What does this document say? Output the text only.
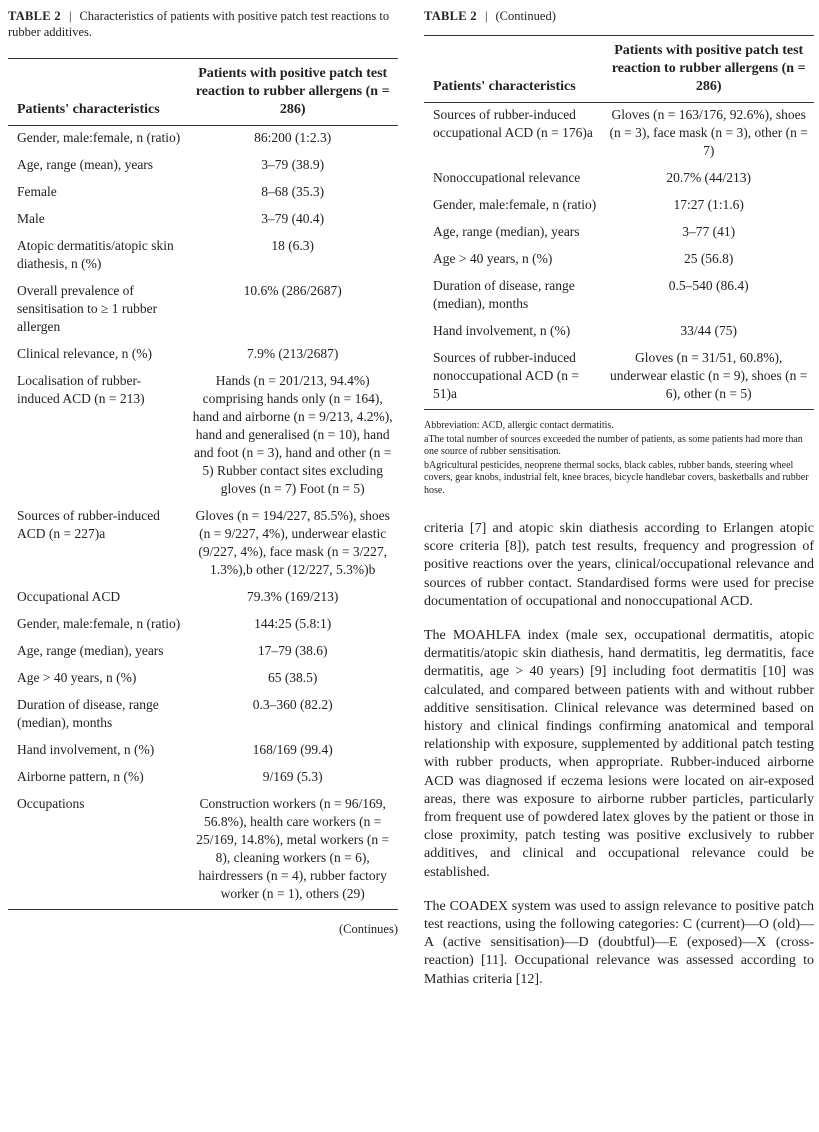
TABLE 2 | Characteristics of patients with positive patch test reactions to rubber additives.
Patients' characteristics	Patients with positive patch test reaction to rubber allergens (n = 286)
Gender, male:female, n (ratio)	86:200 (1:2.3)
Age, range (mean), years	3–79 (38.9)
Female	8–68 (35.3)
Male	3–79 (40.4)
Atopic dermatitis/atopic skin diathesis, n (%)	18 (6.3)
Overall prevalence of sensitisation to ≥ 1 rubber allergen	10.6% (286/2687)
Clinical relevance, n (%)	7.9% (213/2687)
Localisation of rubber-induced ACD (n = 213)	Hands (n = 201/213, 94.4%) comprising hands only (n = 164), hand and airborne (n = 9/213, 4.2%), hand and generalised (n = 10), hand and foot (n = 3), hand and other (n = 5) Rubber contact sites excluding gloves (n = 7) Foot (n = 5)
Sources of rubber-induced ACD (n = 227)a	Gloves (n = 194/227, 85.5%), shoes (n = 9/227, 4%), underwear elastic (9/227, 4%), face mask (n = 3/227, 1.3%),b other (12/227, 5.3%)b
Occupational ACD	79.3% (169/213)
Gender, male:female, n (ratio)	144:25 (5.8:1)
Age, range (median), years	17–79 (38.6)
Age > 40 years, n (%)	65 (38.5)
Duration of disease, range (median), months	0.3–360 (82.2)
Hand involvement, n (%)	168/169 (99.4)
Airborne pattern, n (%)	9/169 (5.3)
Occupations	Construction workers (n = 96/169, 56.8%), health care workers (n = 25/169, 14.8%), metal workers (n = 8), cleaning workers (n = 6), hairdressers (n = 4), rubber factory worker (n = 1), others (29)
(Continues)
TABLE 2 | (Continued)
Patients' characteristics	Patients with positive patch test reaction to rubber allergens (n = 286)
Sources of rubber-induced occupational ACD (n = 176)a	Gloves (n = 163/176, 92.6%), shoes (n = 3), face mask (n = 3), other (n = 7)
Nonoccupational relevance	20.7% (44/213)
Gender, male:female, n (ratio)	17:27 (1:1.6)
Age, range (median), years	3–77 (41)
Age > 40 years, n (%)	25 (56.8)
Duration of disease, range (median), months	0.5–540 (86.4)
Hand involvement, n (%)	33/44 (75)
Sources of rubber-induced nonoccupational ACD (n = 51)a	Gloves (n = 31/51, 60.8%), underwear elastic (n = 9), shoes (n = 6), other (n = 5)

Abbreviation: ACD, allergic contact dermatitis.

aThe total number of sources exceeded the number of patients, as some patients had more than one source of rubber sensitisation.

bAgricultural pesticides, neoprene thermal socks, black cables, rubber bands, steering wheel covers, gear knobs, industrial felt, knee braces, bicycle handlebar covers, basketballs and rubber hose.

criteria [7] and atopic skin diathesis according to Erlangen atopic score criteria [8]), patch test results, frequency and progression of positive reactions over the years, clinical/occupational relevance and sources of rubber contact. Standardised forms were used for precise documentation of occupational and nonoccupational ACD.

The MOAHLFA index (male sex, occupational dermatitis, atopic dermatitis/atopic skin diathesis, hand dermatitis, leg dermatitis, face dermatitis, age > 40 years) [9] including foot dermatitis [10] was calculated, and compared between patients with and without rubber additive sensitisation. Clinical relevance was determined based on history and clinical findings confirming anatomical and temporal relationship with exposure, supplemented by additional patch testing with rubber products, when appropriate. Rubber-induced airborne ACD was diagnosed if eczema lesions were located on air-exposed areas, there was exposure to airborne rubber particles, particularly from frequent use of powdered latex gloves by the patient or those in close proximity, patch testing was positive exclusively to rubber additives, and clinical and occupational relevance could be established.

The COADEX system was used to assign relevance to positive patch test reactions, using the following categories: C (current)—O (old)—A (active sensitisation)—D (doubtful)—E (exposed)—X (cross-reaction) [11]. Occupational relevance was assessed according to Mathias criteria [12].
